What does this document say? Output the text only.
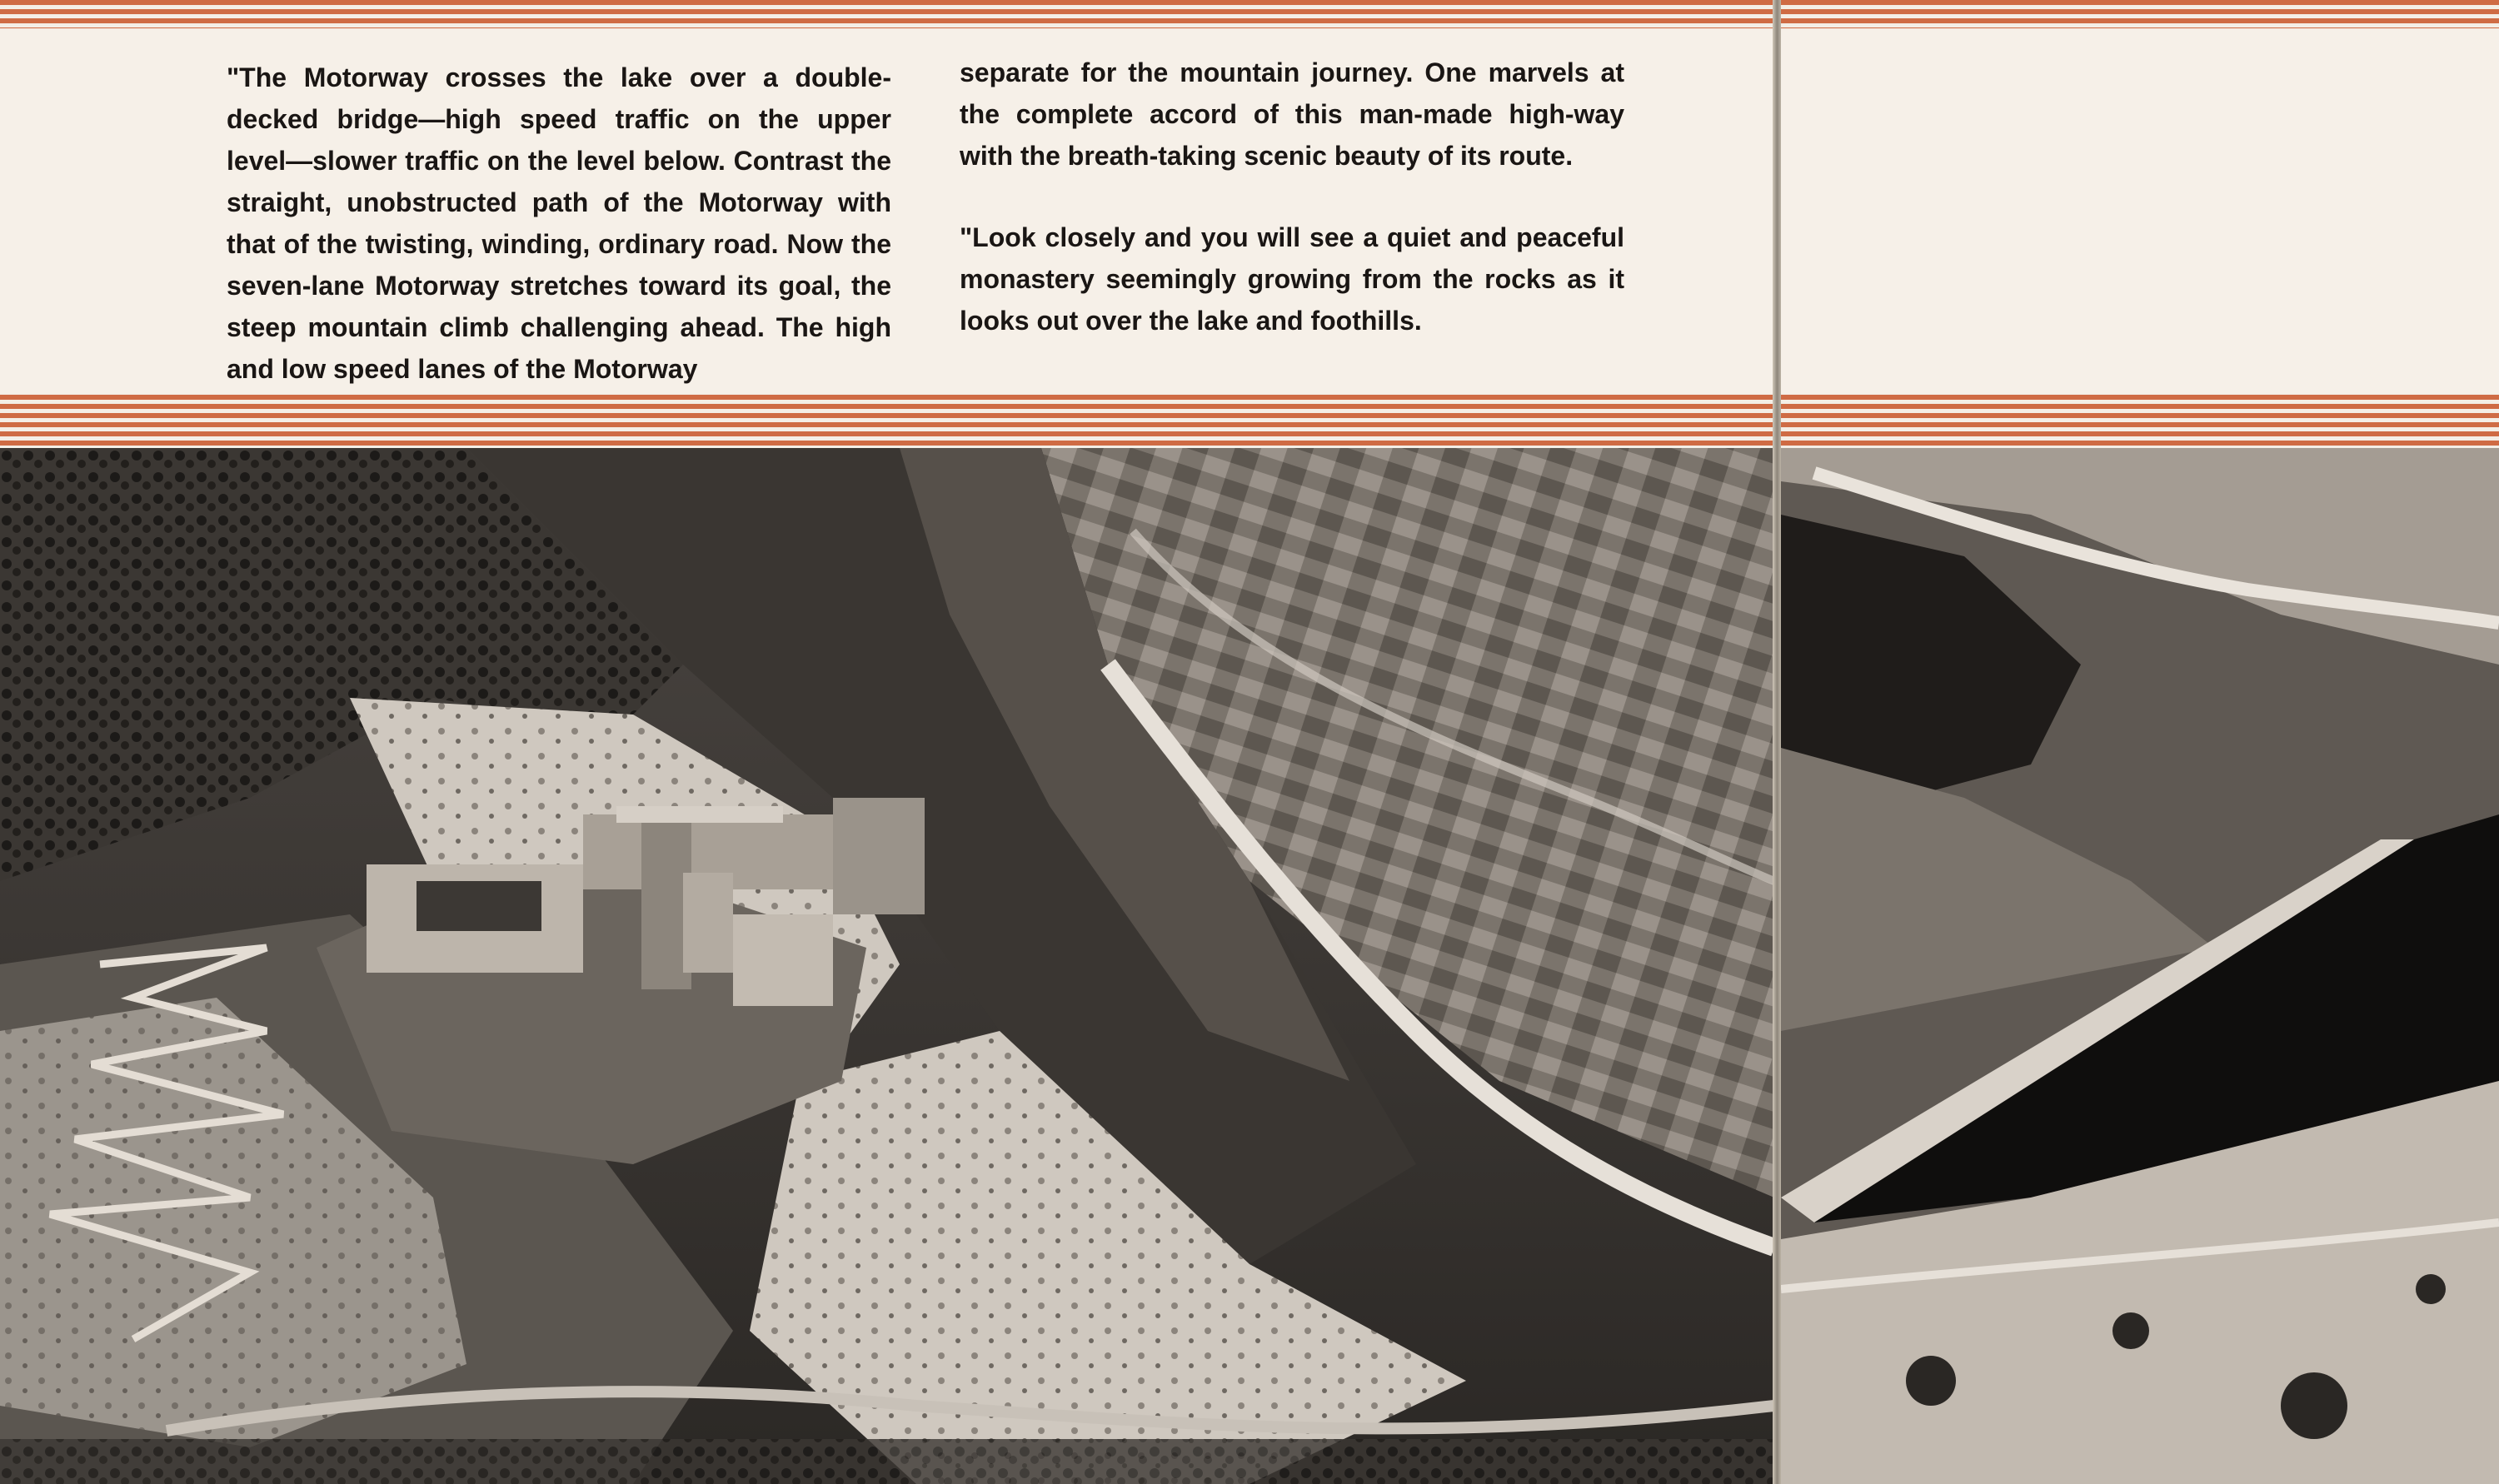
"The Motorway crosses the lake over a double-decked bridge—high speed traffic on the upper level—slower traffic on the level below. Contrast the straight, unobstructed path of the Motorway with that of the twisting, winding, ordinary road. Now the seven-lane Motorway stretches toward its goal, the steep mountain climb challenging ahead. The high and low speed lanes of the Motorway

separate for the mountain journey. One marvels at the complete accord of this man-made high-way with the breath-taking scenic beauty of its route.

"Look closely and you will see a quiet and peaceful monastery seemingly growing from the rocks as it looks out over the lake and foothills.
